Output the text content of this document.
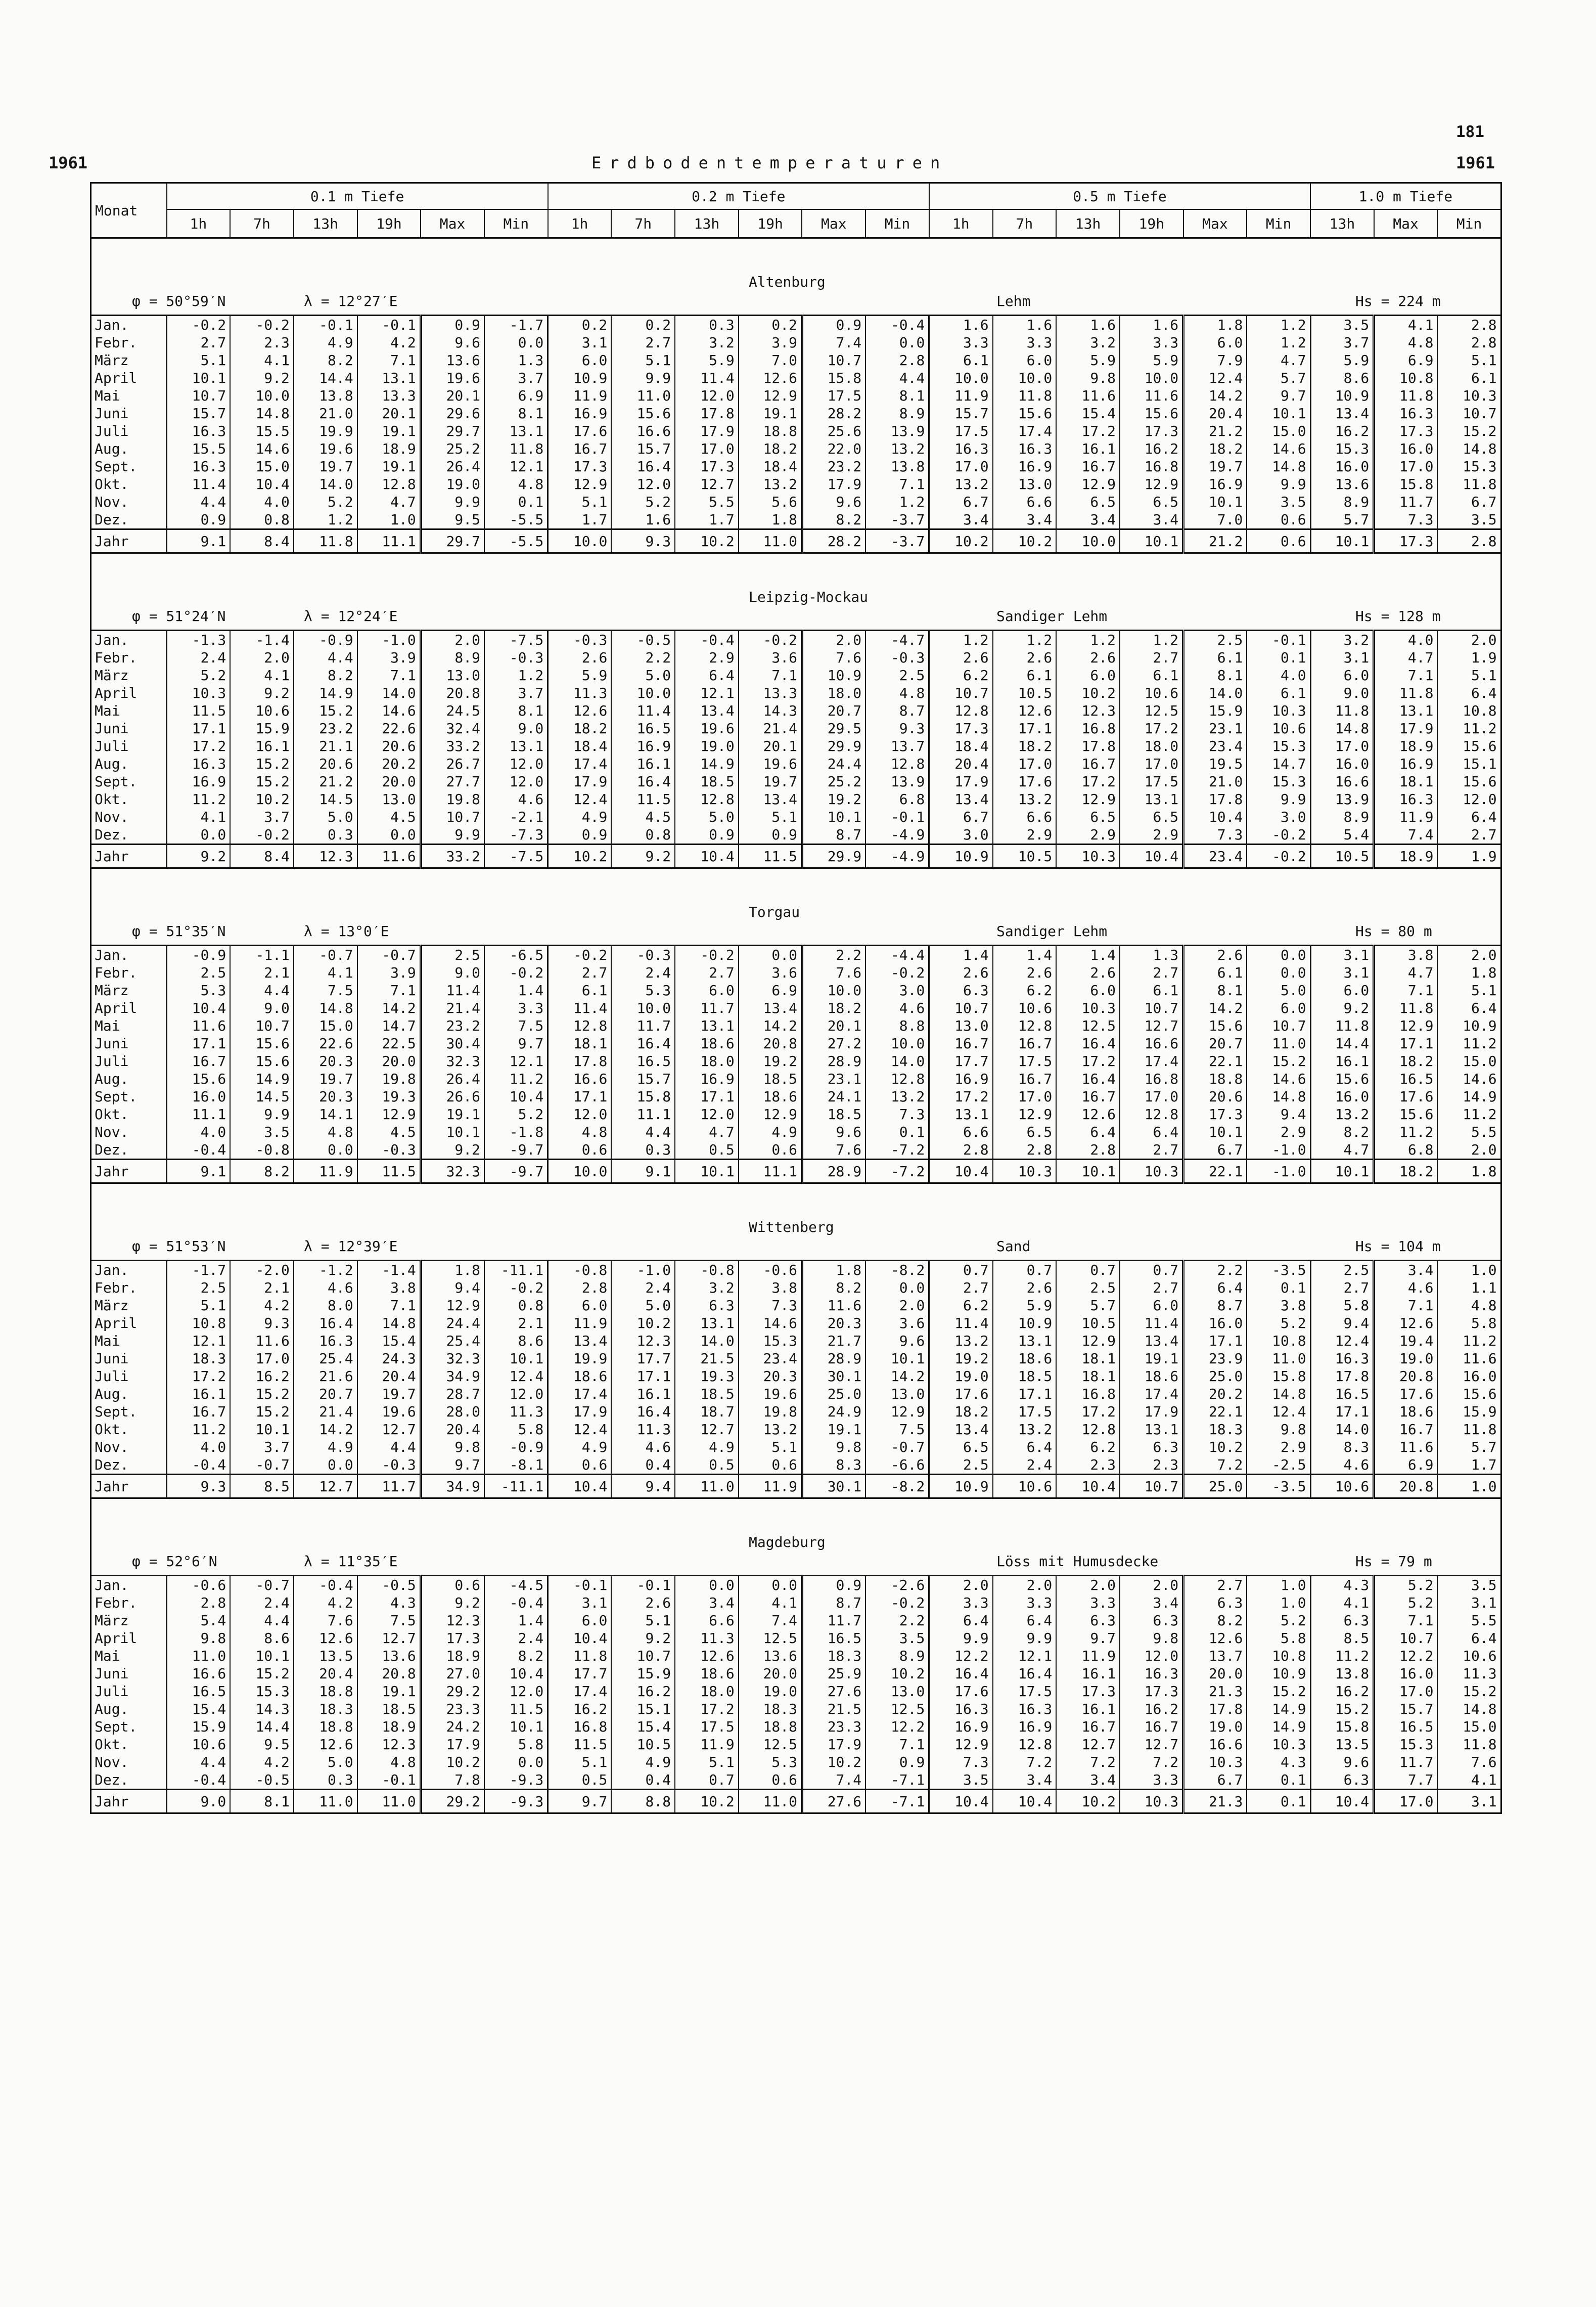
181
1961	Erdbodentemperaturen	1961
Monat	0.1 m Tiefe						0.2 m Tiefe						0.5 m Tiefe						1.0 m Tiefe		
	1h	7h	13h	19h	Max	Min	1h	7h	13h	19h	Max	Min	1h	7h	13h	19h	Max	Min	13h	Max	Min

Altenburg
φ = 50°59′N λ = 12°27′E Lehm Hs = 224 m																					

Jan.	-0.2	-0.2	-0.1	-0.1	0.9	-1.7	0.2	0.2	0.3	0.2	0.9	-0.4	1.6	1.6	1.6	1.6	1.8	1.2	3.5	4.1	2.8
Febr.	2.7	2.3	4.9	4.2	9.6	0.0	3.1	2.7	3.2	3.9	7.4	0.0	3.3	3.3	3.2	3.3	6.0	1.2	3.7	4.8	2.8
März	5.1	4.1	8.2	7.1	13.6	1.3	6.0	5.1	5.9	7.0	10.7	2.8	6.1	6.0	5.9	5.9	7.9	4.7	5.9	6.9	5.1
April	10.1	9.2	14.4	13.1	19.6	3.7	10.9	9.9	11.4	12.6	15.8	4.4	10.0	10.0	9.8	10.0	12.4	5.7	8.6	10.8	6.1
Mai	10.7	10.0	13.8	13.3	20.1	6.9	11.9	11.0	12.0	12.9	17.5	8.1	11.9	11.8	11.6	11.6	14.2	9.7	10.9	11.8	10.3
Juni	15.7	14.8	21.0	20.1	29.6	8.1	16.9	15.6	17.8	19.1	28.2	8.9	15.7	15.6	15.4	15.6	20.4	10.1	13.4	16.3	10.7
Juli	16.3	15.5	19.9	19.1	29.7	13.1	17.6	16.6	17.9	18.8	25.6	13.9	17.5	17.4	17.2	17.3	21.2	15.0	16.2	17.3	15.2
Aug.	15.5	14.6	19.6	18.9	25.2	11.8	16.7	15.7	17.0	18.2	22.0	13.2	16.3	16.3	16.1	16.2	18.2	14.6	15.3	16.0	14.8
Sept.	16.3	15.0	19.7	19.1	26.4	12.1	17.3	16.4	17.3	18.4	23.2	13.8	17.0	16.9	16.7	16.8	19.7	14.8	16.0	17.0	15.3
Okt.	11.4	10.4	14.0	12.8	19.0	4.8	12.9	12.0	12.7	13.2	17.9	7.1	13.2	13.0	12.9	12.9	16.9	9.9	13.6	15.8	11.8
Nov.	4.4	4.0	5.2	4.7	9.9	0.1	5.1	5.2	5.5	5.6	9.6	1.2	6.7	6.6	6.5	6.5	10.1	3.5	8.9	11.7	6.7
Dez.	0.9	0.8	1.2	1.0	9.5	-5.5	1.7	1.6	1.7	1.8	8.2	-3.7	3.4	3.4	3.4	3.4	7.0	0.6	5.7	7.3	3.5
Jahr	9.1	8.4	11.8	11.1	29.7	-5.5	10.0	9.3	10.2	11.0	28.2	-3.7	10.2	10.2	10.0	10.1	21.2	0.6	10.1	17.3	2.8

Leipzig-Mockau
φ = 51°24′N λ = 12°24′E Sandiger Lehm Hs = 128 m																					

Jan.	-1.3	-1.4	-0.9	-1.0	2.0	-7.5	-0.3	-0.5	-0.4	-0.2	2.0	-4.7	1.2	1.2	1.2	1.2	2.5	-0.1	3.2	4.0	2.0
Febr.	2.4	2.0	4.4	3.9	8.9	-0.3	2.6	2.2	2.9	3.6	7.6	-0.3	2.6	2.6	2.6	2.7	6.1	0.1	3.1	4.7	1.9
März	5.2	4.1	8.2	7.1	13.0	1.2	5.9	5.0	6.4	7.1	10.9	2.5	6.2	6.1	6.0	6.1	8.1	4.0	6.0	7.1	5.1
April	10.3	9.2	14.9	14.0	20.8	3.7	11.3	10.0	12.1	13.3	18.0	4.8	10.7	10.5	10.2	10.6	14.0	6.1	9.0	11.8	6.4
Mai	11.5	10.6	15.2	14.6	24.5	8.1	12.6	11.4	13.4	14.3	20.7	8.7	12.8	12.6	12.3	12.5	15.9	10.3	11.8	13.1	10.8
Juni	17.1	15.9	23.2	22.6	32.4	9.0	18.2	16.5	19.6	21.4	29.5	9.3	17.3	17.1	16.8	17.2	23.1	10.6	14.8	17.9	11.2
Juli	17.2	16.1	21.1	20.6	33.2	13.1	18.4	16.9	19.0	20.1	29.9	13.7	18.4	18.2	17.8	18.0	23.4	15.3	17.0	18.9	15.6
Aug.	16.3	15.2	20.6	20.2	26.7	12.0	17.4	16.1	14.9	19.6	24.4	12.8	20.4	17.0	16.7	17.0	19.5	14.7	16.0	16.9	15.1
Sept.	16.9	15.2	21.2	20.0	27.7	12.0	17.9	16.4	18.5	19.7	25.2	13.9	17.9	17.6	17.2	17.5	21.0	15.3	16.6	18.1	15.6
Okt.	11.2	10.2	14.5	13.0	19.8	4.6	12.4	11.5	12.8	13.4	19.2	6.8	13.4	13.2	12.9	13.1	17.8	9.9	13.9	16.3	12.0
Nov.	4.1	3.7	5.0	4.5	10.7	-2.1	4.9	4.5	5.0	5.1	10.1	-0.1	6.7	6.6	6.5	6.5	10.4	3.0	8.9	11.9	6.4
Dez.	0.0	-0.2	0.3	0.0	9.9	-7.3	0.9	0.8	0.9	0.9	8.7	-4.9	3.0	2.9	2.9	2.9	7.3	-0.2	5.4	7.4	2.7
Jahr	9.2	8.4	12.3	11.6	33.2	-7.5	10.2	9.2	10.4	11.5	29.9	-4.9	10.9	10.5	10.3	10.4	23.4	-0.2	10.5	18.9	1.9

Torgau
φ = 51°35′N λ = 13°0′E Sandiger Lehm Hs = 80 m																					

Jan.	-0.9	-1.1	-0.7	-0.7	2.5	-6.5	-0.2	-0.3	-0.2	0.0	2.2	-4.4	1.4	1.4	1.4	1.3	2.6	0.0	3.1	3.8	2.0
Febr.	2.5	2.1	4.1	3.9	9.0	-0.2	2.7	2.4	2.7	3.6	7.6	-0.2	2.6	2.6	2.6	2.7	6.1	0.0	3.1	4.7	1.8
März	5.3	4.4	7.5	7.1	11.4	1.4	6.1	5.3	6.0	6.9	10.0	3.0	6.3	6.2	6.0	6.1	8.1	5.0	6.0	7.1	5.1
April	10.4	9.0	14.8	14.2	21.4	3.3	11.4	10.0	11.7	13.4	18.2	4.6	10.7	10.6	10.3	10.7	14.2	6.0	9.2	11.8	6.4
Mai	11.6	10.7	15.0	14.7	23.2	7.5	12.8	11.7	13.1	14.2	20.1	8.8	13.0	12.8	12.5	12.7	15.6	10.7	11.8	12.9	10.9
Juni	17.1	15.6	22.6	22.5	30.4	9.7	18.1	16.4	18.6	20.8	27.2	10.0	16.7	16.7	16.4	16.6	20.7	11.0	14.4	17.1	11.2
Juli	16.7	15.6	20.3	20.0	32.3	12.1	17.8	16.5	18.0	19.2	28.9	14.0	17.7	17.5	17.2	17.4	22.1	15.2	16.1	18.2	15.0
Aug.	15.6	14.9	19.7	19.8	26.4	11.2	16.6	15.7	16.9	18.5	23.1	12.8	16.9	16.7	16.4	16.8	18.8	14.6	15.6	16.5	14.6
Sept.	16.0	14.5	20.3	19.3	26.6	10.4	17.1	15.8	17.1	18.6	24.1	13.2	17.2	17.0	16.7	17.0	20.6	14.8	16.0	17.6	14.9
Okt.	11.1	9.9	14.1	12.9	19.1	5.2	12.0	11.1	12.0	12.9	18.5	7.3	13.1	12.9	12.6	12.8	17.3	9.4	13.2	15.6	11.2
Nov.	4.0	3.5	4.8	4.5	10.1	-1.8	4.8	4.4	4.7	4.9	9.6	0.1	6.6	6.5	6.4	6.4	10.1	2.9	8.2	11.2	5.5
Dez.	-0.4	-0.8	0.0	-0.3	9.2	-9.7	0.6	0.3	0.5	0.6	7.6	-7.2	2.8	2.8	2.8	2.7	6.7	-1.0	4.7	6.8	2.0
Jahr	9.1	8.2	11.9	11.5	32.3	-9.7	10.0	9.1	10.1	11.1	28.9	-7.2	10.4	10.3	10.1	10.3	22.1	-1.0	10.1	18.2	1.8

Wittenberg
φ = 51°53′N λ = 12°39′E Sand Hs = 104 m																					

Jan.	-1.7	-2.0	-1.2	-1.4	1.8	-11.1	-0.8	-1.0	-0.8	-0.6	1.8	-8.2	0.7	0.7	0.7	0.7	2.2	-3.5	2.5	3.4	1.0
Febr.	2.5	2.1	4.6	3.8	9.4	-0.2	2.8	2.4	3.2	3.8	8.2	0.0	2.7	2.6	2.5	2.7	6.4	0.1	2.7	4.6	1.1
März	5.1	4.2	8.0	7.1	12.9	0.8	6.0	5.0	6.3	7.3	11.6	2.0	6.2	5.9	5.7	6.0	8.7	3.8	5.8	7.1	4.8
April	10.8	9.3	16.4	14.8	24.4	2.1	11.9	10.2	13.1	14.6	20.3	3.6	11.4	10.9	10.5	11.4	16.0	5.2	9.4	12.6	5.8
Mai	12.1	11.6	16.3	15.4	25.4	8.6	13.4	12.3	14.0	15.3	21.7	9.6	13.2	13.1	12.9	13.4	17.1	10.8	12.4	19.4	11.2
Juni	18.3	17.0	25.4	24.3	32.3	10.1	19.9	17.7	21.5	23.4	28.9	10.1	19.2	18.6	18.1	19.1	23.9	11.0	16.3	19.0	11.6
Juli	17.2	16.2	21.6	20.4	34.9	12.4	18.6	17.1	19.3	20.3	30.1	14.2	19.0	18.5	18.1	18.6	25.0	15.8	17.8	20.8	16.0
Aug.	16.1	15.2	20.7	19.7	28.7	12.0	17.4	16.1	18.5	19.6	25.0	13.0	17.6	17.1	16.8	17.4	20.2	14.8	16.5	17.6	15.6
Sept.	16.7	15.2	21.4	19.6	28.0	11.3	17.9	16.4	18.7	19.8	24.9	12.9	18.2	17.5	17.2	17.9	22.1	12.4	17.1	18.6	15.9
Okt.	11.2	10.1	14.2	12.7	20.4	5.8	12.4	11.3	12.7	13.2	19.1	7.5	13.4	13.2	12.8	13.1	18.3	9.8	14.0	16.7	11.8
Nov.	4.0	3.7	4.9	4.4	9.8	-0.9	4.9	4.6	4.9	5.1	9.8	-0.7	6.5	6.4	6.2	6.3	10.2	2.9	8.3	11.6	5.7
Dez.	-0.4	-0.7	0.0	-0.3	9.7	-8.1	0.6	0.4	0.5	0.6	8.3	-6.6	2.5	2.4	2.3	2.3	7.2	-2.5	4.6	6.9	1.7
Jahr	9.3	8.5	12.7	11.7	34.9	-11.1	10.4	9.4	11.0	11.9	30.1	-8.2	10.9	10.6	10.4	10.7	25.0	-3.5	10.6	20.8	1.0

Magdeburg
φ = 52°6′N λ = 11°35′E Löss mit Humusdecke Hs = 79 m																					

Jan.	-0.6	-0.7	-0.4	-0.5	0.6	-4.5	-0.1	-0.1	0.0	0.0	0.9	-2.6	2.0	2.0	2.0	2.0	2.7	1.0	4.3	5.2	3.5
Febr.	2.8	2.4	4.2	4.3	9.2	-0.4	3.1	2.6	3.4	4.1	8.7	-0.2	3.3	3.3	3.3	3.4	6.3	1.0	4.1	5.2	3.1
März	5.4	4.4	7.6	7.5	12.3	1.4	6.0	5.1	6.6	7.4	11.7	2.2	6.4	6.4	6.3	6.3	8.2	5.2	6.3	7.1	5.5
April	9.8	8.6	12.6	12.7	17.3	2.4	10.4	9.2	11.3	12.5	16.5	3.5	9.9	9.9	9.7	9.8	12.6	5.8	8.5	10.7	6.4
Mai	11.0	10.1	13.5	13.6	18.9	8.2	11.8	10.7	12.6	13.6	18.3	8.9	12.2	12.1	11.9	12.0	13.7	10.8	11.2	12.2	10.6
Juni	16.6	15.2	20.4	20.8	27.0	10.4	17.7	15.9	18.6	20.0	25.9	10.2	16.4	16.4	16.1	16.3	20.0	10.9	13.8	16.0	11.3
Juli	16.5	15.3	18.8	19.1	29.2	12.0	17.4	16.2	18.0	19.0	27.6	13.0	17.6	17.5	17.3	17.3	21.3	15.2	16.2	17.0	15.2
Aug.	15.4	14.3	18.3	18.5	23.3	11.5	16.2	15.1	17.2	18.3	21.5	12.5	16.3	16.3	16.1	16.2	17.8	14.9	15.2	15.7	14.8
Sept.	15.9	14.4	18.8	18.9	24.2	10.1	16.8	15.4	17.5	18.8	23.3	12.2	16.9	16.9	16.7	16.7	19.0	14.9	15.8	16.5	15.0
Okt.	10.6	9.5	12.6	12.3	17.9	5.8	11.5	10.5	11.9	12.5	17.9	7.1	12.9	12.8	12.7	12.7	16.6	10.3	13.5	15.3	11.8
Nov.	4.4	4.2	5.0	4.8	10.2	0.0	5.1	4.9	5.1	5.3	10.2	0.9	7.3	7.2	7.2	7.2	10.3	4.3	9.6	11.7	7.6
Dez.	-0.4	-0.5	0.3	-0.1	7.8	-9.3	0.5	0.4	0.7	0.6	7.4	-7.1	3.5	3.4	3.4	3.3	6.7	0.1	6.3	7.7	4.1
Jahr	9.0	8.1	11.0	11.0	29.2	-9.3	9.7	8.8	10.2	11.0	27.6	-7.1	10.4	10.4	10.2	10.3	21.3	0.1	10.4	17.0	3.1
